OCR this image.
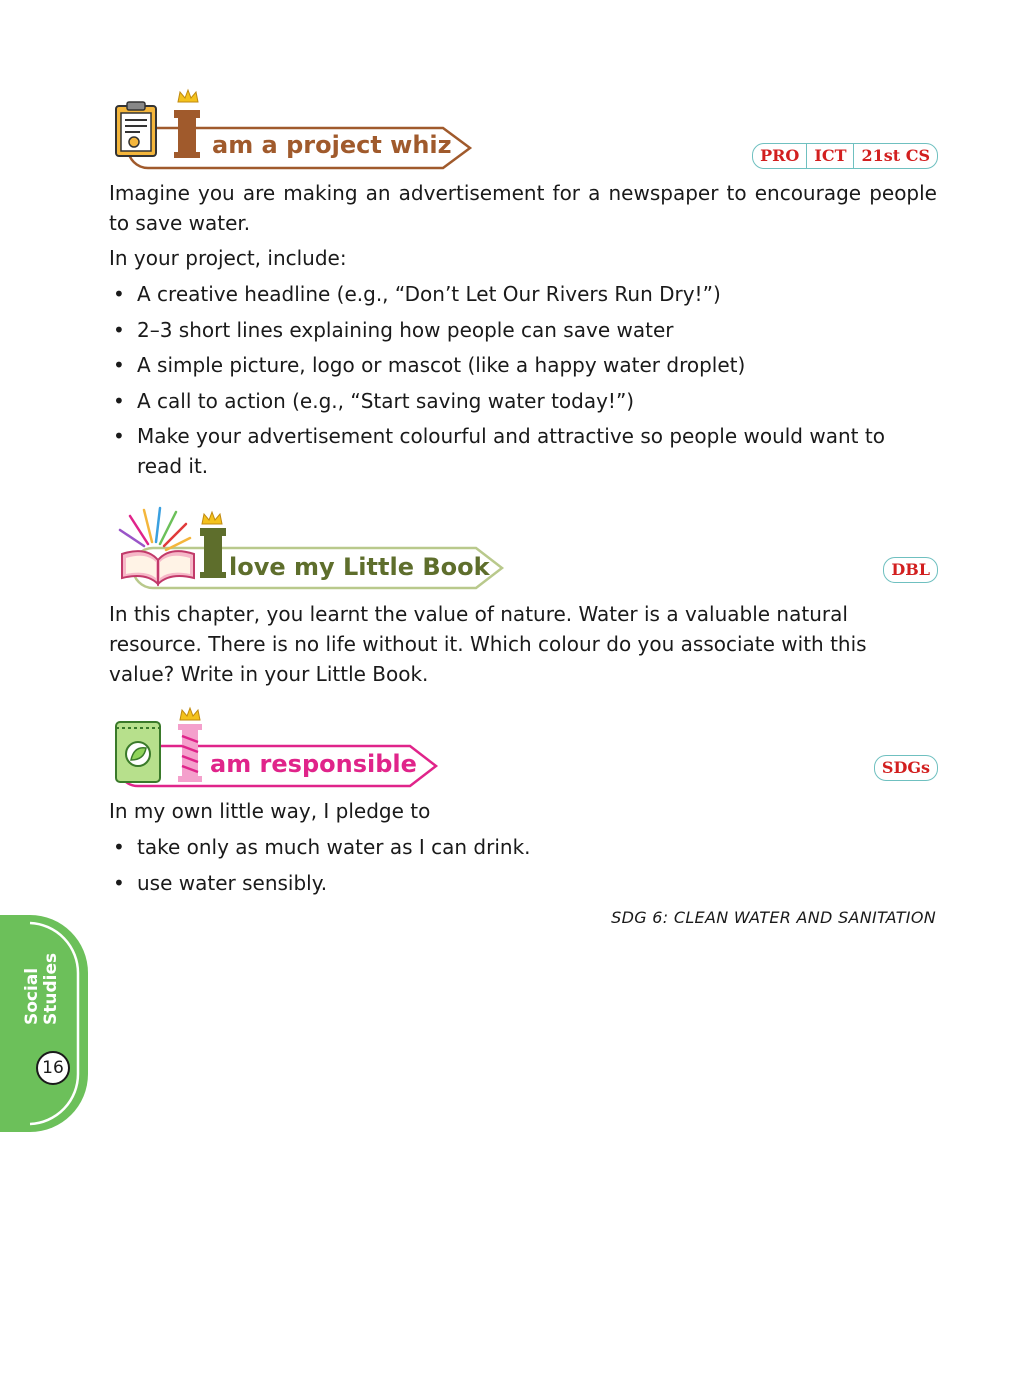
am a project whiz	PRO ICT 21st CS

Imagine you are making an advertisement for a newspaper to encourage people to save water.

In your project, include:

• A creative headline (e.g., “Don’t Let Our Rivers Run Dry!”)
• 2–3 short lines explaining how people can save water
• A simple picture, logo or mascot (like a happy water droplet)
• A call to action (e.g., “Start saving water today!”)
• Make your advertisement colourful and attractive so people would want to read it.
love my Little Book	DBL

In this chapter, you learnt the value of nature. Water is a valuable natural resource. There is no life without it. Which colour do you associate with this value? Write in your Little Book.

am responsible	SDGs

In my own little way, I pledge to

• take only as much water as I can drink.
• use water sensibly.
SDG 6: CLEAN WATER AND SANITATION
Social Studies
16
